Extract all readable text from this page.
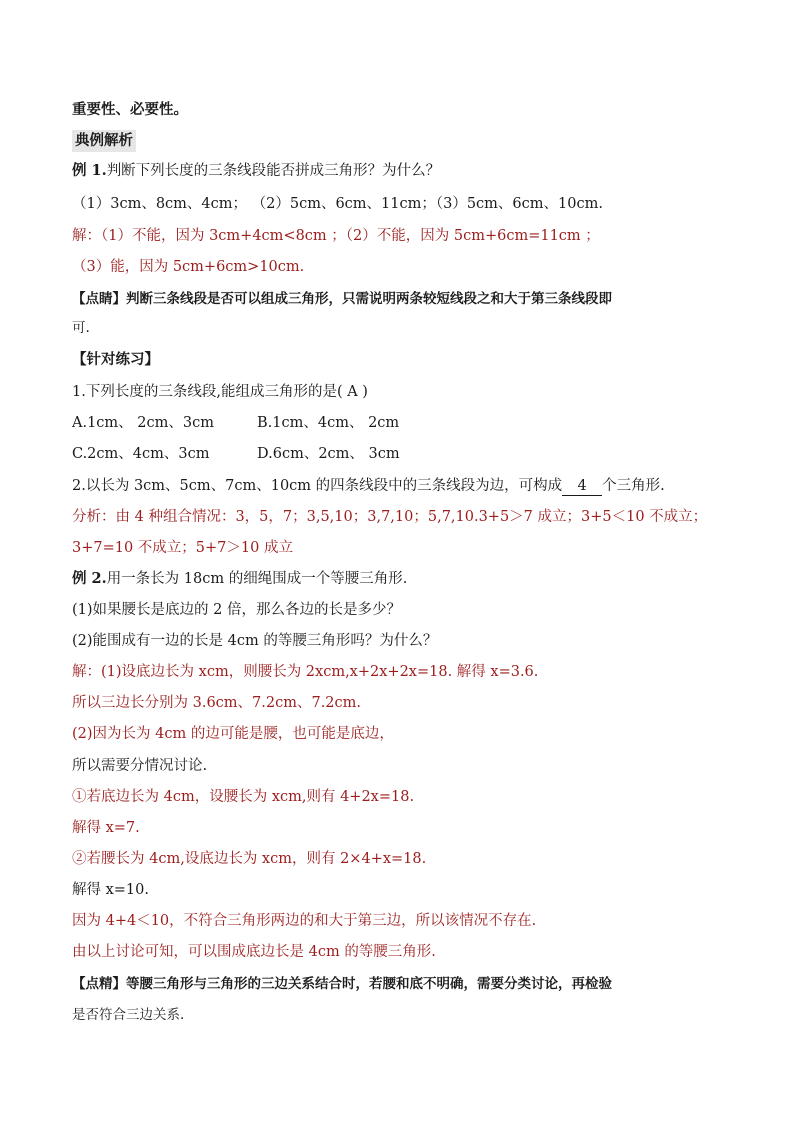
重要性、必要性。
典例解析
例 1.判断下列长度的三条线段能否拼成三角形？为什么？
（1）3cm、8cm、4cm； （2）5cm、6cm、11cm；（3）5cm、6cm、10cm.
解：（1）不能，因为 3cm+4cm<8cm ；（2）不能，因为 5cm+6cm=11cm ；
（3）能，因为 5cm+6cm>10cm.
【点睛】判断三条线段是否可以组成三角形，只需说明两条较短线段之和大于第三条线段即
可.
【针对练习】
1.下列长度的三条线段,能组成三角形的是( A )
A.1cm、 2cm、3cm	B.1cm、4cm、 2cm
C.2cm、4cm、3cm	D.6cm、2cm、 3cm
2.以长为 3cm、5cm、7cm、10cm 的四条线段中的三条线段为边，可构成 4 个三角形.
分析：由 4 种组合情况：3，5，7；3,5,10；3,7,10；5,7,10.3+5＞7 成立；3+5＜10 不成立；
3+7=10 不成立；5+7＞10 成立
例 2.用一条长为 18cm 的细绳围成一个等腰三角形.
(1)如果腰长是底边的 2 倍，那么各边的长是多少？
(2)能围成有一边的长是 4cm 的等腰三角形吗？为什么？
解：(1)设底边长为 xcm，则腰长为 2xcm,x+2x+2x=18. 解得 x=3.6.
所以三边长分别为 3.6cm、7.2cm、7.2cm.
(2)因为长为 4cm 的边可能是腰，也可能是底边，
所以需要分情况讨论.
①若底边长为 4cm，设腰长为 xcm,则有 4+2x=18.
解得 x=7.
②若腰长为 4cm,设底边长为 xcm，则有 2×4+x=18.
解得 x=10.
因为 4+4＜10，不符合三角形两边的和大于第三边，所以该情况不存在.
由以上讨论可知，可以围成底边长是 4cm 的等腰三角形.
【点精】等腰三角形与三角形的三边关系结合时，若腰和底不明确，需要分类讨论，再检验
是否符合三边关系.
